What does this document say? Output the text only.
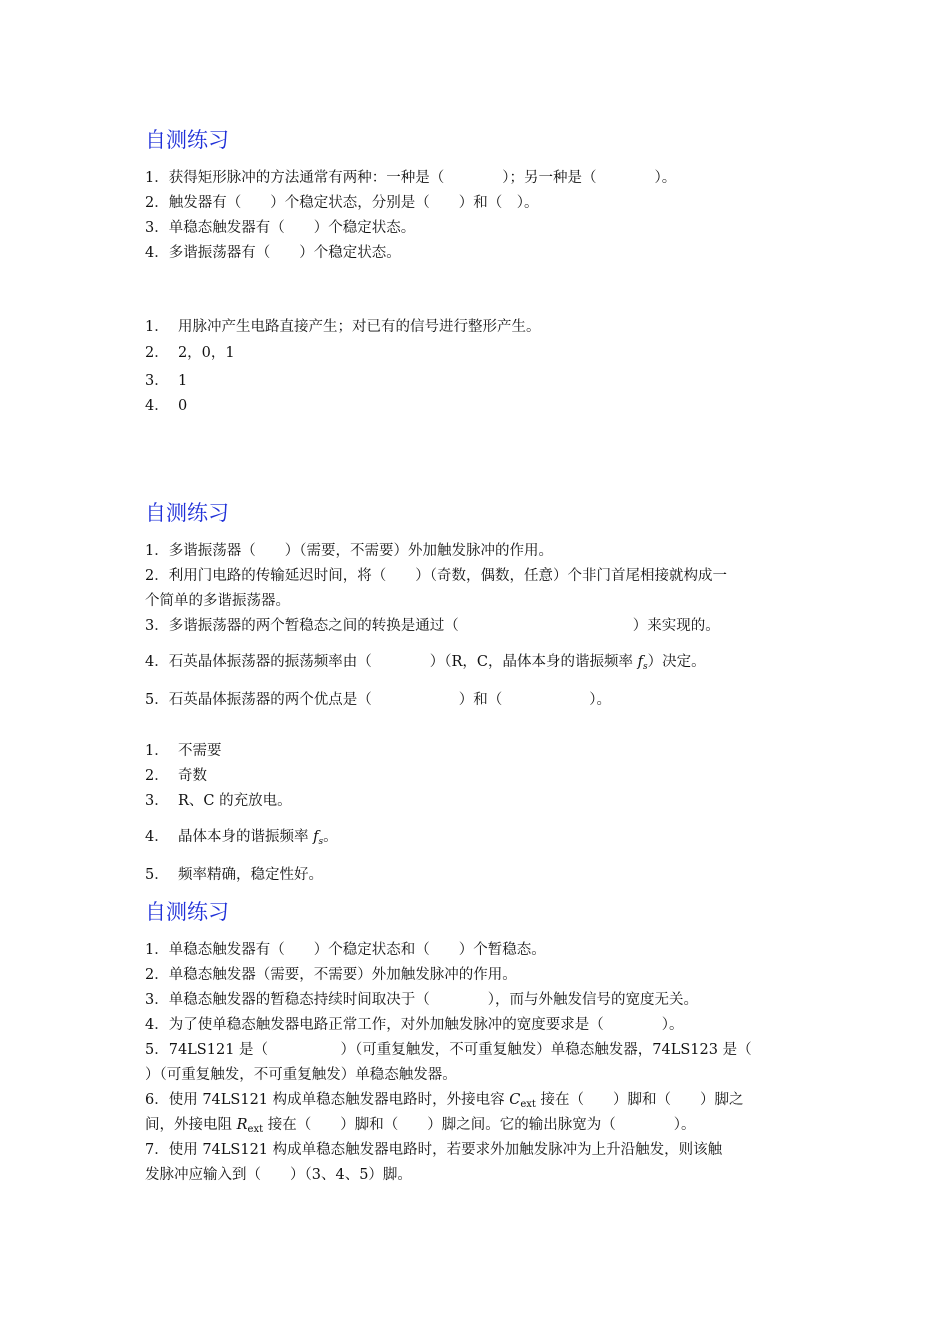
自测练习

1．获得矩形脉冲的方法通常有两种：一种是（　　　　）；另一种是（　　　　）。

2．触发器有（　　）个稳定状态，分别是（　　）和（　）。

3．单稳态触发器有（　　）个稳定状态。

4．多谐振荡器有（　　）个稳定状态。

1．  用脉冲产生电路直接产生；对已有的信号进行整形产生。

2．  2，0，1

3．  1

4．  0

自测练习

1．多谐振荡器（　　）（需要，不需要）外加触发脉冲的作用。

2．利用门电路的传输延迟时间，将（　　）（奇数，偶数，任意）个非门首尾相接就构成一

个简单的多谐振荡器。

3．多谐振荡器的两个暂稳态之间的转换是通过（　　　　　　　　　　　　）来实现的。

4．石英晶体振荡器的振荡频率由（　　　　）（R，C，晶体本身的谐振频率 $f_s$）决定。

5．石英晶体振荡器的两个优点是（　　　　　　）和（　　　　　　）。

1．  不需要

2．  奇数

3．  R、C 的充放电。

4．  晶体本身的谐振频率 $f_s$。

5．  频率精确，稳定性好。

自测练习

1．单稳态触发器有（　　）个稳定状态和（　　）个暂稳态。

2．单稳态触发器（需要，不需要）外加触发脉冲的作用。

3．单稳态触发器的暂稳态持续时间取决于（　　　　），而与外触发信号的宽度无关。

4．为了使单稳态触发器电路正常工作，对外加触发脉冲的宽度要求是（　　　　）。

5．74LS121 是（　　　　　）（可重复触发，不可重复触发）单稳态触发器，74LS123 是（

）（可重复触发，不可重复触发）单稳态触发器。

6．使用 74LS121 构成单稳态触发器电路时，外接电容 $C_{ext}$ 接在（　　）脚和（　　）脚之

间，外接电阻 $R_{ext}$ 接在（　　）脚和（　　）脚之间。它的输出脉宽为（　　　　）。

7．使用 74LS121 构成单稳态触发器电路时，若要求外加触发脉冲为上升沿触发，则该触

发脉冲应输入到（　　）（3、4、5）脚。
